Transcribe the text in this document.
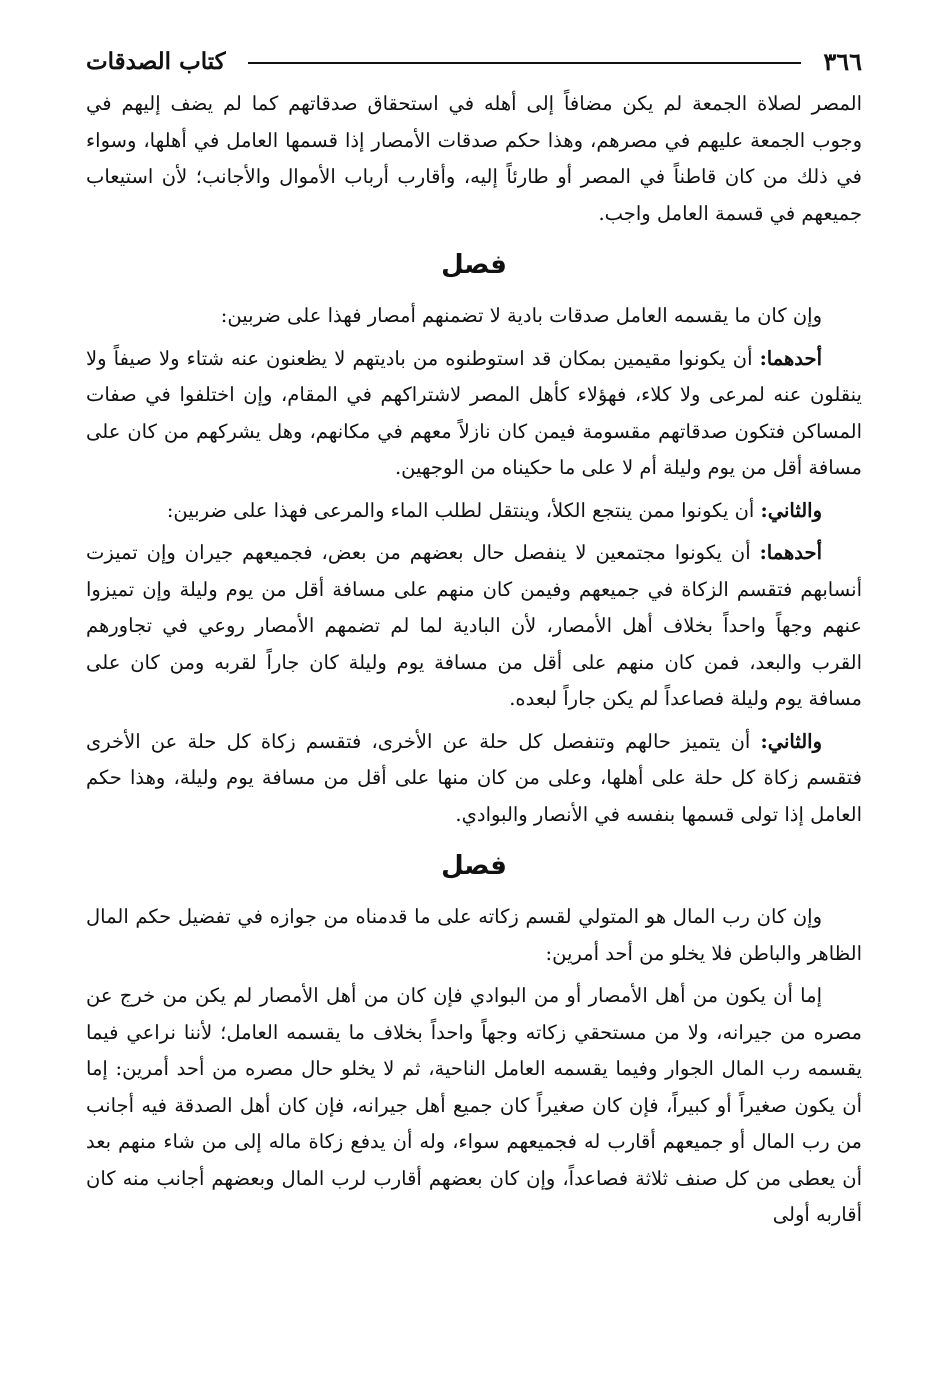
٣٦٦
كتاب الصدقات

المصر لصلاة الجمعة لم يكن مضافاً إلى أهله في استحقاق صدقاتهم كما لم يضف إليهم في وجوب الجمعة عليهم في مصرهم، وهذا حكم صدقات الأمصار إذا قسمها العامل في أهلها، وسواء في ذلك من كان قاطناً في المصر أو طارئاً إليه، وأقارب أرباب الأموال والأجانب؛ لأن استيعاب جميعهم في قسمة العامل واجب.

فصل

وإن كان ما يقسمه العامل صدقات بادية لا تضمنهم أمصار فهذا على ضربين:

أحدهما: أن يكونوا مقيمين بمكان قد استوطنوه من باديتهم لا يظعنون عنه شتاء ولا صيفاً ولا ينقلون عنه لمرعى ولا كلاء، فهؤلاء كأهل المصر لاشتراكهم في المقام، وإن اختلفوا في صفات المساكن فتكون صدقاتهم مقسومة فيمن كان نازلاً معهم في مكانهم، وهل يشركهم من كان على مسافة أقل من يوم وليلة أم لا على ما حكيناه من الوجهين.

والثاني: أن يكونوا ممن ينتجع الكلأ، وينتقل لطلب الماء والمرعى فهذا على ضربين:

أحدهما: أن يكونوا مجتمعين لا ينفصل حال بعضهم من بعض، فجميعهم جيران وإن تميزت أنسابهم فتقسم الزكاة في جميعهم وفيمن كان منهم على مسافة أقل من يوم وليلة وإن تميزوا عنهم وجهاً واحداً بخلاف أهل الأمصار، لأن البادية لما لم تضمهم الأمصار روعي في تجاورهم القرب والبعد، فمن كان منهم على أقل من مسافة يوم وليلة كان جاراً لقربه ومن كان على مسافة يوم وليلة فصاعداً لم يكن جاراً لبعده.

والثاني: أن يتميز حالهم وتنفصل كل حلة عن الأخرى، فتقسم زكاة كل حلة عن الأخرى فتقسم زكاة كل حلة على أهلها، وعلى من كان منها على أقل من مسافة يوم وليلة، وهذا حكم العامل إذا تولى قسمها بنفسه في الأنصار والبوادي.

فصل

وإن كان رب المال هو المتولي لقسم زكاته على ما قدمناه من جوازه في تفضيل حكم المال الظاهر والباطن فلا يخلو من أحد أمرين:

إما أن يكون من أهل الأمصار أو من البوادي فإن كان من أهل الأمصار لم يكن من خرج عن مصره من جيرانه، ولا من مستحقي زكاته وجهاً واحداً بخلاف ما يقسمه العامل؛ لأننا نراعي فيما يقسمه رب المال الجوار وفيما يقسمه العامل الناحية، ثم لا يخلو حال مصره من أحد أمرين: إما أن يكون صغيراً أو كبيراً، فإن كان صغيراً كان جميع أهل جيرانه، فإن كان أهل الصدقة فيه أجانب من رب المال أو جميعهم أقارب له فجميعهم سواء، وله أن يدفع زكاة ماله إلى من شاء منهم بعد أن يعطى من كل صنف ثلاثة فصاعداً، وإن كان بعضهم أقارب لرب المال وبعضهم أجانب منه كان أقاربه أولى
